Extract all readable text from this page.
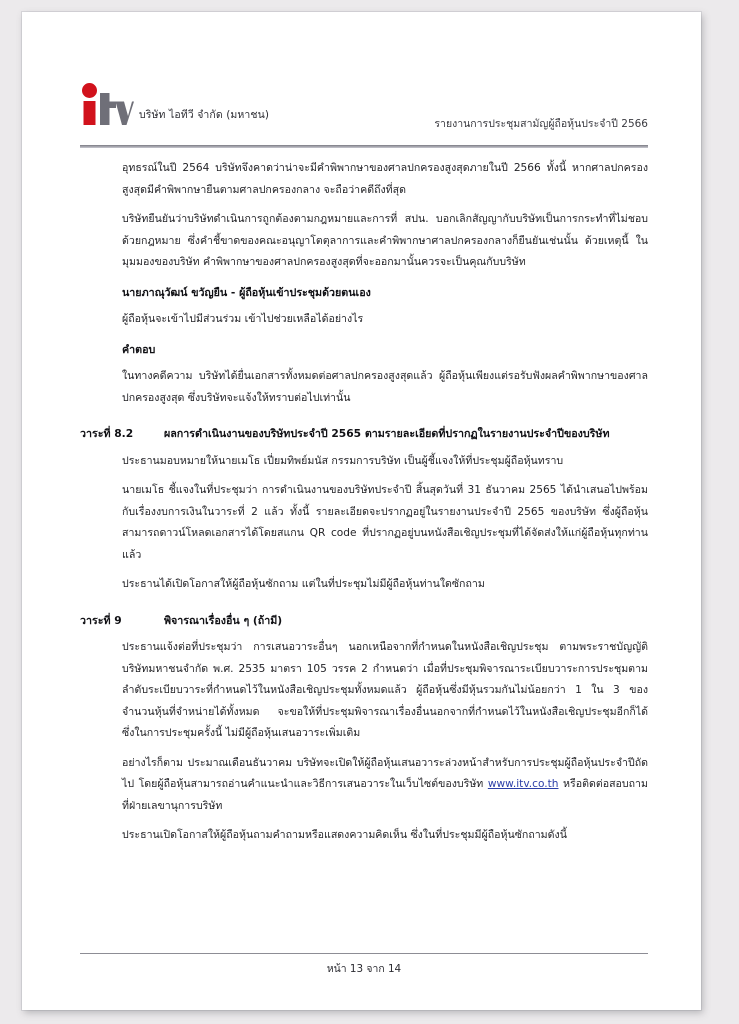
บริษัท ไอทีวี จำกัด (มหาชน)
รายงานการประชุมสามัญผู้ถือหุ้นประจำปี 2566

อุทธรณ์ในปี 2564 บริษัทจึงคาดว่าน่าจะมีคำพิพากษาของศาลปกครองสูงสุดภายในปี 2566 ทั้งนี้ หากศาลปกครองสูงสุดมีคำพิพากษายืนตามศาลปกครองกลาง จะถือว่าคดีถึงที่สุด

บริษัทยืนยันว่าบริษัทดำเนินการถูกต้องตามกฎหมายและการที่ สปน. บอกเลิกสัญญากับบริษัทเป็นการกระทำที่ไม่ชอบด้วยกฎหมาย ซึ่งคำชี้ขาดของคณะอนุญาโตตุลาการและคำพิพากษาศาลปกครองกลางก็ยืนยันเช่นนั้น ด้วยเหตุนี้ ในมุมมองของบริษัท คำพิพากษาของศาลปกครองสูงสุดที่จะออกมานั้นควรจะเป็นคุณกับบริษัท

นายภาณุวัฒน์ ขวัญยืน - ผู้ถือหุ้นเข้าประชุมด้วยตนเอง

ผู้ถือหุ้นจะเข้าไปมีส่วนร่วม เข้าไปช่วยเหลือได้อย่างไร

คำตอบ

ในทางคดีความ บริษัทได้ยื่นเอกสารทั้งหมดต่อศาลปกครองสูงสุดแล้ว ผู้ถือหุ้นเพียงแต่รอรับฟังผลคำพิพากษาของศาลปกครองสูงสุด ซึ่งบริษัทจะแจ้งให้ทราบต่อไปเท่านั้น

วาระที่ 8.2	ผลการดำเนินงานของบริษัทประจำปี 2565 ตามรายละเอียดที่ปรากฏในรายงานประจำปีของบริษัท

ประธานมอบหมายให้นายเมโธ เปี่ยมทิพย์มนัส กรรมการบริษัท เป็นผู้ชี้แจงให้ที่ประชุมผู้ถือหุ้นทราบ

นายเมโธ ชี้แจงในที่ประชุมว่า การดำเนินงานของบริษัทประจำปี สิ้นสุดวันที่ 31 ธันวาคม 2565 ได้นำเสนอไปพร้อมกับเรื่องงบการเงินในวาระที่ 2 แล้ว ทั้งนี้ รายละเอียดจะปรากฏอยู่ในรายงานประจำปี 2565 ของบริษัท ซึ่งผู้ถือหุ้นสามารถดาวน์โหลดเอกสารได้โดยสแกน QR code ที่ปรากฏอยู่บนหนังสือเชิญประชุมที่ได้จัดส่งให้แก่ผู้ถือหุ้นทุกท่านแล้ว

ประธานได้เปิดโอกาสให้ผู้ถือหุ้นซักถาม แต่ในที่ประชุมไม่มีผู้ถือหุ้นท่านใดซักถาม

วาระที่ 9	พิจารณาเรื่องอื่น ๆ (ถ้ามี)

ประธานแจ้งต่อที่ประชุมว่า การเสนอวาระอื่นๆ นอกเหนือจากที่กำหนดในหนังสือเชิญประชุม ตามพระราชบัญญัติบริษัทมหาชนจำกัด พ.ศ. 2535 มาตรา 105 วรรค 2 กำหนดว่า เมื่อที่ประชุมพิจารณาระเบียบวาระการประชุมตามลำดับระเบียบวาระที่กำหนดไว้ในหนังสือเชิญประชุมทั้งหมดแล้ว ผู้ถือหุ้นซึ่งมีหุ้นรวมกันไม่น้อยกว่า 1 ใน 3 ของจำนวนหุ้นที่จำหน่ายได้ทั้งหมด จะขอให้ที่ประชุมพิจารณาเรื่องอื่นนอกจากที่กำหนดไว้ในหนังสือเชิญประชุมอีกก็ได้ ซึ่งในการประชุมครั้งนี้ ไม่มีผู้ถือหุ้นเสนอวาระเพิ่มเติม

อย่างไรก็ตาม ประมาณเดือนธันวาคม บริษัทจะเปิดให้ผู้ถือหุ้นเสนอวาระล่วงหน้าสำหรับการประชุมผู้ถือหุ้นประจำปีถัดไป โดยผู้ถือหุ้นสามารถอ่านคำแนะนำและวิธีการเสนอวาระในเว็บไซต์ของบริษัท www.itv.co.th หรือติดต่อสอบถามที่ฝ่ายเลขานุการบริษัท

ประธานเปิดโอกาสให้ผู้ถือหุ้นถามคำถามหรือแสดงความคิดเห็น ซึ่งในที่ประชุมมีผู้ถือหุ้นซักถามดังนี้

หน้า 13 จาก 14
